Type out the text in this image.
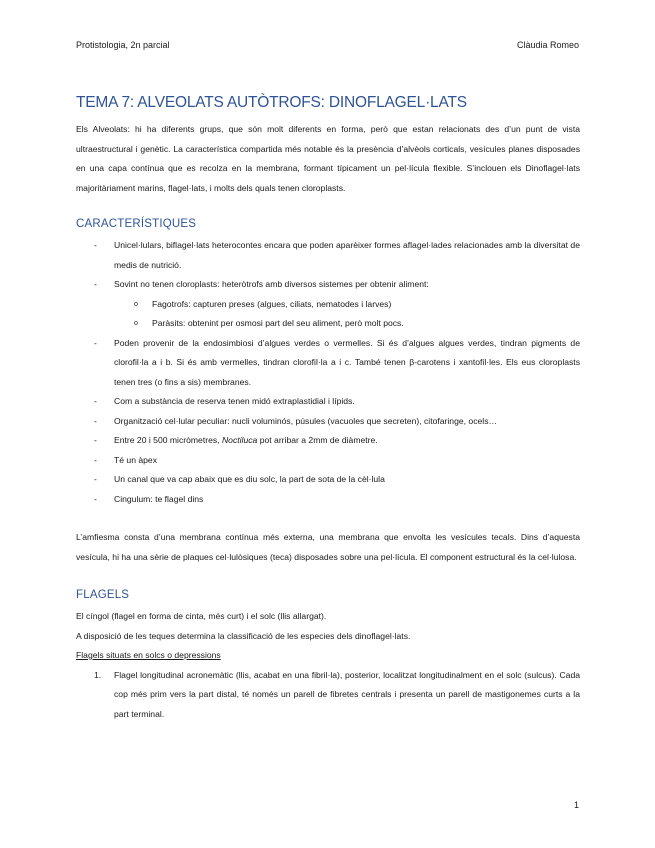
Protistologia, 2n parcial	Clàudia Romeo
TEMA 7: ALVEOLATS AUTÒTROFS: DINOFLAGEL·LATS

Els Alveolats: hi ha diferents grups, que són molt diferents en forma, però que estan relacionats des d’un punt de vista ultraestructural i genètic. La característica compartida més notable és la presència d’alvèols corticals, vesícules planes disposades en una capa contínua que es recolza en la membrana, formant típicament un pel·lícula flexible. S’inclouen els Dinoflagel·lats majoritàriament marins, flagel·lats, i molts dels quals tenen cloroplasts.

CARACTERÍSTIQUES
- Unicel·lulars, biflagel·lats heterocontes encara que poden aparèixer formes aflagel·lades relacionades amb la diversitat de medis de nutrició.
- Sovint no tenen cloroplasts: heteròtrofs amb diversos sistemes per obtenir aliment:
o Fagotrofs: capturen preses (algues, ciliats, nematodes i larves)
o Paràsits: obtenint per osmosi part del seu aliment, però molt pocs.
- Poden provenir de la endosimbiosi d’algues verdes o vermelles. Si és d’algues algues verdes, tindran pigments de clorofil·la a i b. Si és amb vermelles, tindran clorofil·la a i c. També tenen β-carotens i xantofil·les. Els eus cloroplasts tenen tres (o fins a sis) membranes.
- Com a substància de reserva tenen midó extraplastidial i lípids.
- Organització cel·lular peculiar: nucli voluminós, púsules (vacuoles que secreten), citofaringe, ocels…
- Entre 20 i 500 micròmetres, Noctiluca pot arribar a 2mm de diàmetre.
- Té un àpex
- Un canal que va cap abaix que es diu solc, la part de sota de la cèl·lula
- Cingulum: te flagel dins

L’amfiesma consta d’una membrana contínua més externa, una membrana que envolta les vesícules tecals. Dins d’aquesta vesícula, hi ha una sèrie de plaques cel·lulòsiques (teca) disposades sobre una pel·lícula. El component estructural és la cel·lulosa.

FLAGELS

El cíngol (flagel en forma de cinta, més curt) i el solc (llis allargat).

A disposició de les teques determina la classificació de les especies dels dinoflagel·lats.

Flagels situats en solcs o depressions

1. Flagel longitudinal acronemàtic (llis, acabat en una fibril·la), posterior, localitzat longitudinalment en el solc (sulcus). Cada cop més prim vers la part distal, té només un parell de fibretes centrals i presenta un parell de mastigonemes curts a la part terminal.
1
